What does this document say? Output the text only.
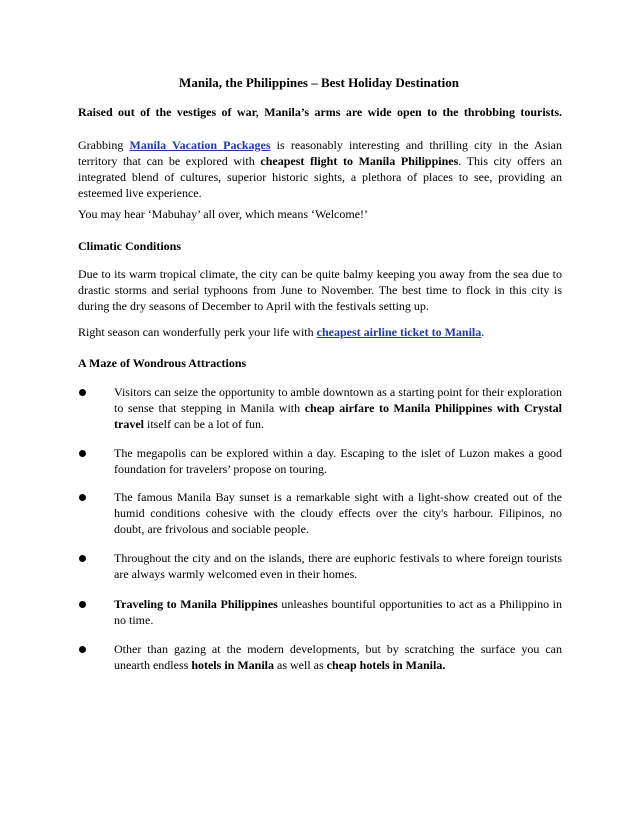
Manila, the Philippines – Best Holiday Destination

Raised out of the vestiges of war, Manila’s arms are wide open to the throbbing tourists.

Grabbing Manila Vacation Packages is reasonably interesting and thrilling city in the Asian territory that can be explored with cheapest flight to Manila Philippines. This city offers an integrated blend of cultures, superior historic sights, a plethora of places to see, providing an esteemed live experience.

You may hear ‘Mabuhay’ all over, which means ‘Welcome!’

Climatic Conditions

Due to its warm tropical climate, the city can be quite balmy keeping you away from the sea due to drastic storms and serial typhoons from June to November. The best time to flock in this city is during the dry seasons of December to April with the festivals setting up.

Right season can wonderfully perk your life with cheapest airline ticket to Manila.

A Maze of Wondrous Attractions

Visitors can seize the opportunity to amble downtown as a starting point for their exploration to sense that stepping in Manila with cheap airfare to Manila Philippines with Crystal travel itself can be a lot of fun.

The megapolis can be explored within a day. Escaping to the islet of Luzon makes a good foundation for travelers’ propose on touring.

The famous Manila Bay sunset is a remarkable sight with a light-show created out of the humid conditions cohesive with the cloudy effects over the city's harbour. Filipinos, no doubt, are frivolous and sociable people.

Throughout the city and on the islands, there are euphoric festivals to where foreign tourists are always warmly welcomed even in their homes.

Traveling to Manila Philippines unleashes bountiful opportunities to act as a Philippino in no time.

Other than gazing at the modern developments, but by scratching the surface you can unearth endless hotels in Manila as well as cheap hotels in Manila.
